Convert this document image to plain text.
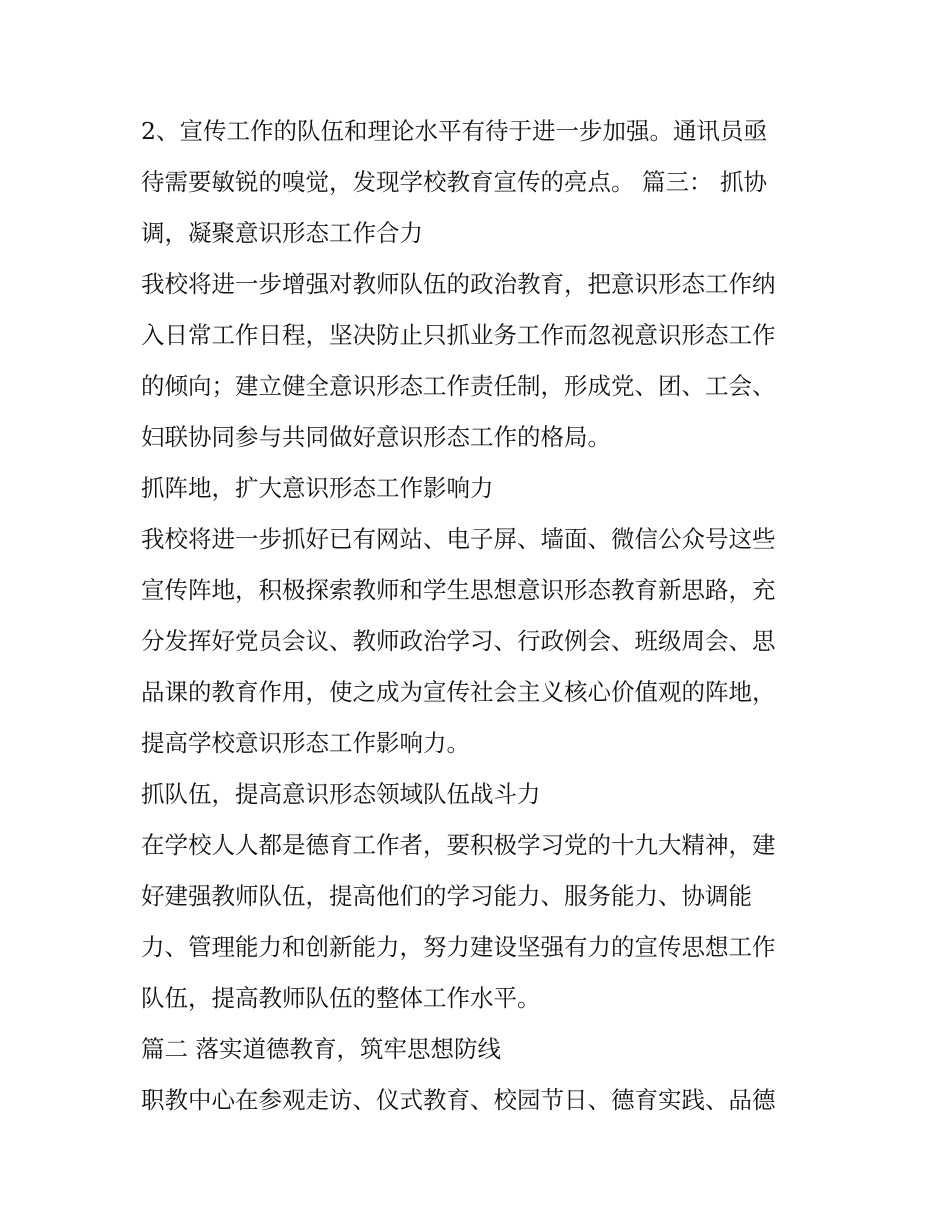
2、宣传工作的队伍和理论水平有待于进一步加强。通讯员亟
待需要敏锐的嗅觉，发现学校教育宣传的亮点。 篇三： 抓协
调，凝聚意识形态工作合力
我校将进一步增强对教师队伍的政治教育，把意识形态工作纳
入日常工作日程，坚决防止只抓业务工作而忽视意识形态工作
的倾向；建立健全意识形态工作责任制，形成党、团、工会、
妇联协同参与共同做好意识形态工作的格局。
抓阵地，扩大意识形态工作影响力
我校将进一步抓好已有网站、电子屏、墙面、微信公众号这些
宣传阵地，积极探索教师和学生思想意识形态教育新思路，充
分发挥好党员会议、教师政治学习、行政例会、班级周会、思
品课的教育作用，使之成为宣传社会主义核心价值观的阵地，
提高学校意识形态工作影响力。
抓队伍，提高意识形态领域队伍战斗力
在学校人人都是德育工作者，要积极学习党的十九大精神，建
好建强教师队伍，提高他们的学习能力、服务能力、协调能
力、管理能力和创新能力，努力建设坚强有力的宣传思想工作
队伍，提高教师队伍的整体工作水平。
篇二 落实道德教育，筑牢思想防线
职教中心在参观走访、仪式教育、校园节日、德育实践、品德
